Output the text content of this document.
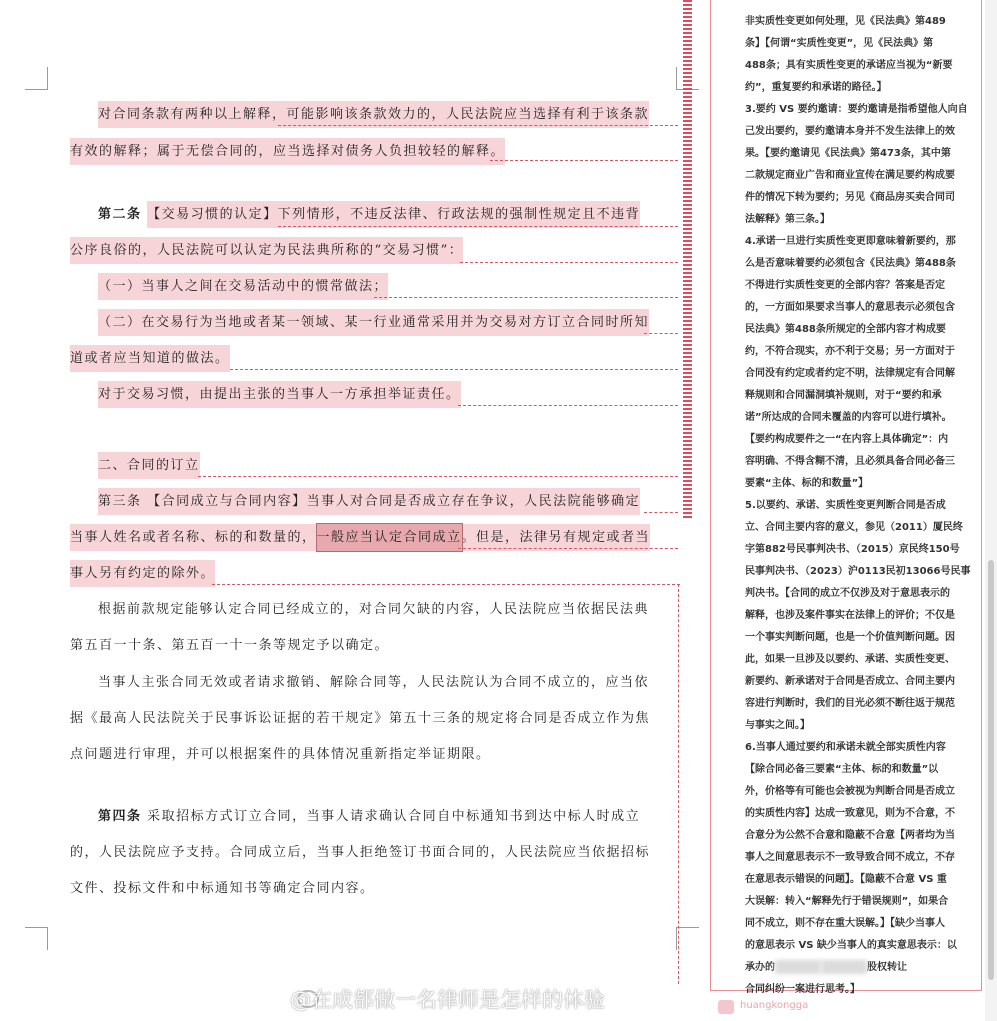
对合同条款有两种以上解释，可能影响该条款效力的，人民法院应当选择有利于该条款
有效的解释；属于无偿合同的，应当选择对债务人负担较轻的解释。
第二条 【交易习惯的认定】下列情形，不违反法律、行政法规的强制性规定且不违背
公序良俗的，人民法院可以认定为民法典所称的“交易习惯”：
（一）当事人之间在交易活动中的惯常做法；
（二）在交易行为当地或者某一领域、某一行业通常采用并为交易对方订立合同时所知
道或者应当知道的做法。
对于交易习惯，由提出主张的当事人一方承担举证责任。
二、合同的订立
第三条 【合同成立与合同内容】当事人对合同是否成立存在争议，人民法院能够确定
当事人姓名或者名称、标的和数量的，一般应当认定合同成立。但是，法律另有规定或者当
事人另有约定的除外。
根据前款规定能够认定合同已经成立的，对合同欠缺的内容，人民法院应当依据民法典
第五百一十条、第五百一十一条等规定予以确定。
当事人主张合同无效或者请求撤销、解除合同等，人民法院认为合同不成立的，应当依
据《最高人民法院关于民事诉讼证据的若干规定》第五十三条的规定将合同是否成立作为焦
点问题进行审理，并可以根据案件的具体情况重新指定举证期限。
第四条 采取招标方式订立合同，当事人请求确认合同自中标通知书到达中标人时成立
的，人民法院应予支持。合同成立后，当事人拒绝签订书面合同的，人民法院应当依据招标
文件、投标文件和中标通知书等确定合同内容。

非实质性变更如何处理，见《民法典》第489

条】【何谓“实质性变更”，见《民法典》第

488条；具有实质性变更的承诺应当视为“新要

约”，重复要约和承诺的路径。】

3.要约 VS 要约邀请：要约邀请是指希望他人向自

己发出要约，要约邀请本身并不发生法律上的效

果。【要约邀请见《民法典》第473条，其中第

二款规定商业广告和商业宣传在满足要约构成要

件的情况下转为要约；另见《商品房买卖合同司

法解释》第三条。】

4.承诺一旦进行实质性变更即意味着新要约，那

么是否意味着要约必须包含《民法典》第488条

不得进行实质性变更的全部内容？答案是否定

的，一方面如果要求当事人的意思表示必须包含

民法典》第488条所规定的全部内容才构成要

约，不符合现实，亦不利于交易；另一方面对于

合同没有约定或者约定不明，法律规定有合同解

释规则和合同漏洞填补规则，对于“要约和承

诺”所达成的合同未覆盖的内容可以进行填补。

【要约构成要件之一“在内容上具体确定”：内

容明确、不得含糊不清，且必须具备合同必备三

要素“主体、标的和数量”】

5.以要约、承诺、实质性变更判断合同是否成

立、合同主要内容的意义，参见（2011）厦民终

字第882号民事判决书、（2015）京民终150号

民事判决书、（2023）沪0113民初13066号民事

判决书。【合同的成立不仅涉及对于意思表示的

解释，也涉及案件事实在法律上的评价；不仅是

一个事实判断问题，也是一个价值判断问题。因

此，如果一旦涉及以要约、承诺、实质性变更、

新要约、新承诺对于合同是否成立、合同主要内

容进行判断时，我们的目光必须不断往返于规范

与事实之间。】

6.当事人通过要约和承诺未就全部实质性内容

【除合同必备三要素“主体、标的和数量”以

外，价格等有可能也会被视为判断合同是否成立

的实质性内容】达成一致意见，则为不合意，不

合意分为公然不合意和隐蔽不合意【两者均为当

事人之间意思表示不一致导致合同不成立，不存

在意思表示错误的问题】。【隐蔽不合意 VS 重

大误解：转入“解释先行于错误规则”，如果合

同不成立，则不存在重大误解。】【缺少当事人

的意思表示 VS 缺少当事人的真实意思表示：以

承办的	股权转让

合同纠纷一案进行思考。】

@在成都做一名律师是怎样的体验	huangkongga
